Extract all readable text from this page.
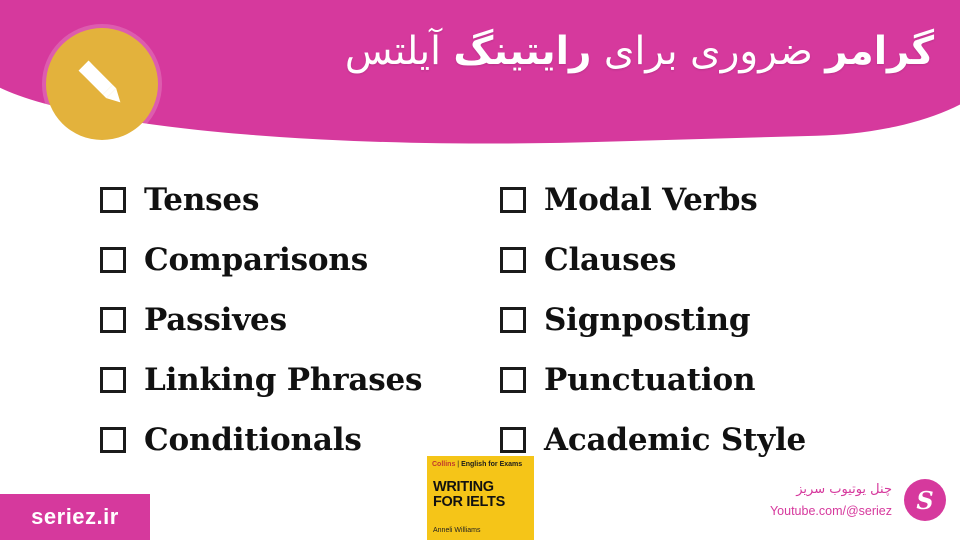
گرامر ضروری برای رایتینگ آیلتس
Tenses
Comparisons
Passives
Linking Phrases
Conditionals
Modal Verbs
Clauses
Signposting
Punctuation
Academic Style
Collins | English for Exams
WRITING
FOR IELTS
Anneli Williams
seriez.ir
چنل یوتیوب سریز
Youtube.com/@seriez S
